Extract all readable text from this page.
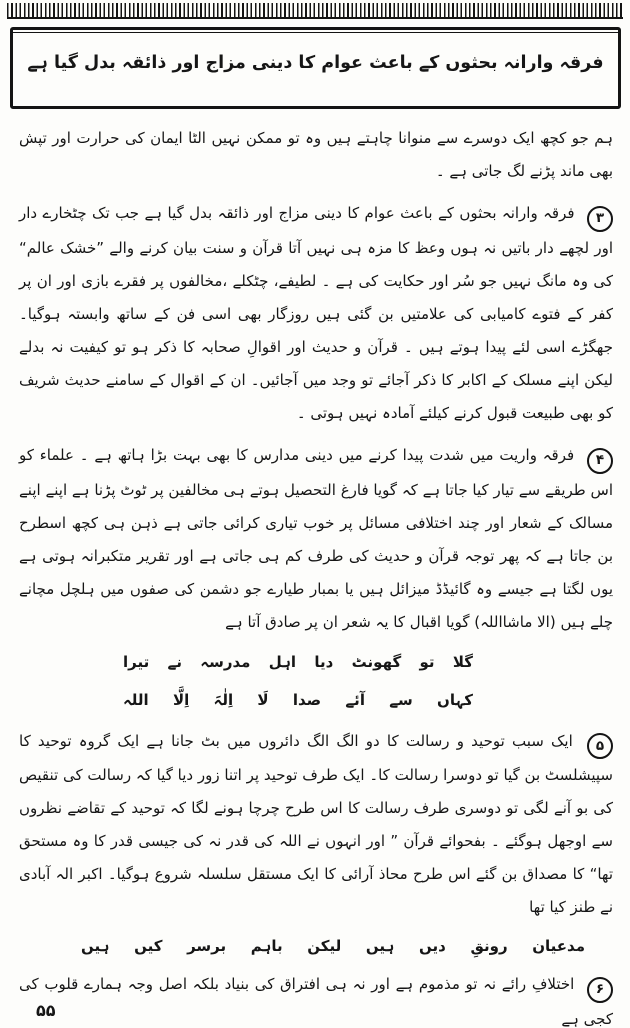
فرقہ وارانہ بحثوں کے باعث عوام کا دینی مزاج اور ذائقہ بدل گیا ہے

ہم جو کچھ ایک دوسرے سے منوانا چاہتے ہیں وہ تو ممکن نہیں الٹا ایمان کی حرارت اور تپش بھی ماند پڑنے لگ جاتی ہے ۔

۳ فرقہ وارانہ بحثوں کے باعث عوام کا دینی مزاج اور ذائقہ بدل گیا ہے جب تک چٹخارے دار اور لچھے دار باتیں نہ ہوں وعظ کا مزہ ہی نہیں آتا قرآن و سنت بیان کرنے والے ”خشک عالم“ کی وہ مانگ نہیں جو سُر اور حکایت کی ہے ۔ لطیفے، چٹکلے ،مخالفوں پر فقرے بازی اور ان پر کفر کے فتوے کامیابی کی علامتیں بن گئی ہیں روزگار بھی اسی فن کے ساتھ وابستہ ہوگیا۔ جھگڑے اسی لئے پیدا ہوتے ہیں ۔ قرآن و حدیث اور اقوالِ صحابہ کا ذکر ہو تو کیفیت نہ بدلے لیکن اپنے مسلک کے اکابر کا ذکر آجائے تو وجد میں آجائیں۔ ان کے اقوال کے سامنے حدیث شریف کو بھی طبیعت قبول کرنے کیلئے آمادہ نہیں ہوتی ۔

۴ فرقہ واریت میں شدت پیدا کرنے میں دینی مدارس کا بھی بہت بڑا ہاتھ ہے ۔ علماء کو اس طریقے سے تیار کیا جاتا ہے کہ گویا فارغ التحصیل ہوتے ہی مخالفین پر ٹوٹ پڑنا ہے اپنے اپنے مسالک کے شعار اور چند اختلافی مسائل پر خوب تیاری کرائی جاتی ہے ذہن ہی کچھ اسطرح بن جاتا ہے کہ پھر توجہ قرآن و حدیث کی طرف کم ہی جاتی ہے اور تقریر متکبرانہ ہوتی ہے یوں لگتا ہے جیسے وہ گائیڈڈ میزائل ہیں یا بمبار طیارے جو دشمن کی صفوں میں ہلچل مچانے چلے ہیں (الا ماشااللہ) گویا اقبال کا یہ شعر ان پر صادق آتا ہے

گلا تو گھونٹ دیا اہل مدرسہ نے تیرا
کہاں سے آئے صدا لَا اِلٰہَ اِلَّا اللہ

۵ ایک سبب توحید و رسالت کا دو الگ الگ دائروں میں بٹ جانا ہے ایک گروہ توحید کا سپیشلسٹ بن گیا تو دوسرا رسالت کا۔ ایک طرف توحید پر اتنا زور دیا گیا کہ رسالت کی تنقیص کی بو آنے لگی تو دوسری طرف رسالت کا اس طرح چرچا ہونے لگا کہ توحید کے تقاضے نظروں سے اوجھل ہوگئے ۔ بفحوائے قرآن ” اور انہوں نے اللہ کی قدر نہ کی جیسی قدر کا وہ مستحق تھا“ کا مصداق بن گئے اس طرح محاذ آرائی کا ایک مستقل سلسلہ شروع ہوگیا۔ اکبر الہ آبادی نے طنز کیا تھا

مدعیان رونقِ دیں ہیں لیکن باہم برسر کیں ہیں

۶ اختلافِ رائے نہ تو مذموم ہے اور نہ ہی افتراق کی بنیاد بلکہ اصل وجہ ہمارے قلوب کی کجی ہے

۵۵
